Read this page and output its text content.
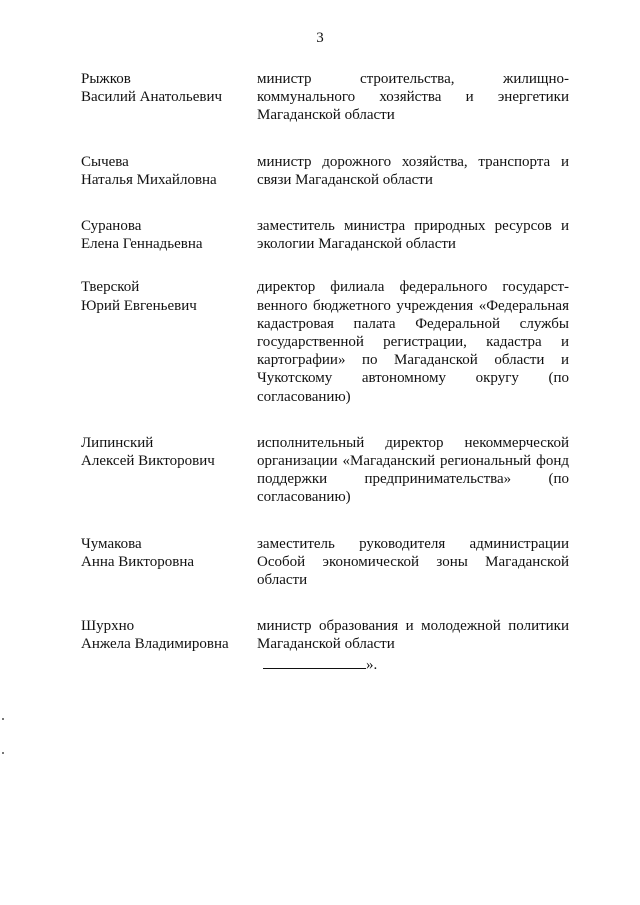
3
Рыжков
Василий Анатольевич
министр строительства, жилищно-коммунального хозяйства и энергетики Магаданской области
Сычева
Наталья Михайловна
министр дорожного хозяйства, транспорта и связи Магаданской области
Суранова
Елена Геннадьевна
заместитель министра природных ресурсов и экологии Магаданской области
Тверской
Юрий Евгеньевич
директор филиала федерального государст-венного бюджетного учреждения «Федеральная кадастровая палата Федеральной службы государственной регистрации, кадастра и картографии» по Магаданской области и Чукотскому автономному округу (по согласованию)
Липинский
Алексей Викторович
исполнительный директор некоммерческой организации «Магаданский региональный фонд поддержки предпринимательства» (по согласованию)
Чумакова
Анна Викторовна
заместитель руководителя администрации Особой экономической зоны Магаданской области
Шурхно
Анжела Владимировна
министр образования и молодежной политики Магаданской области
».
